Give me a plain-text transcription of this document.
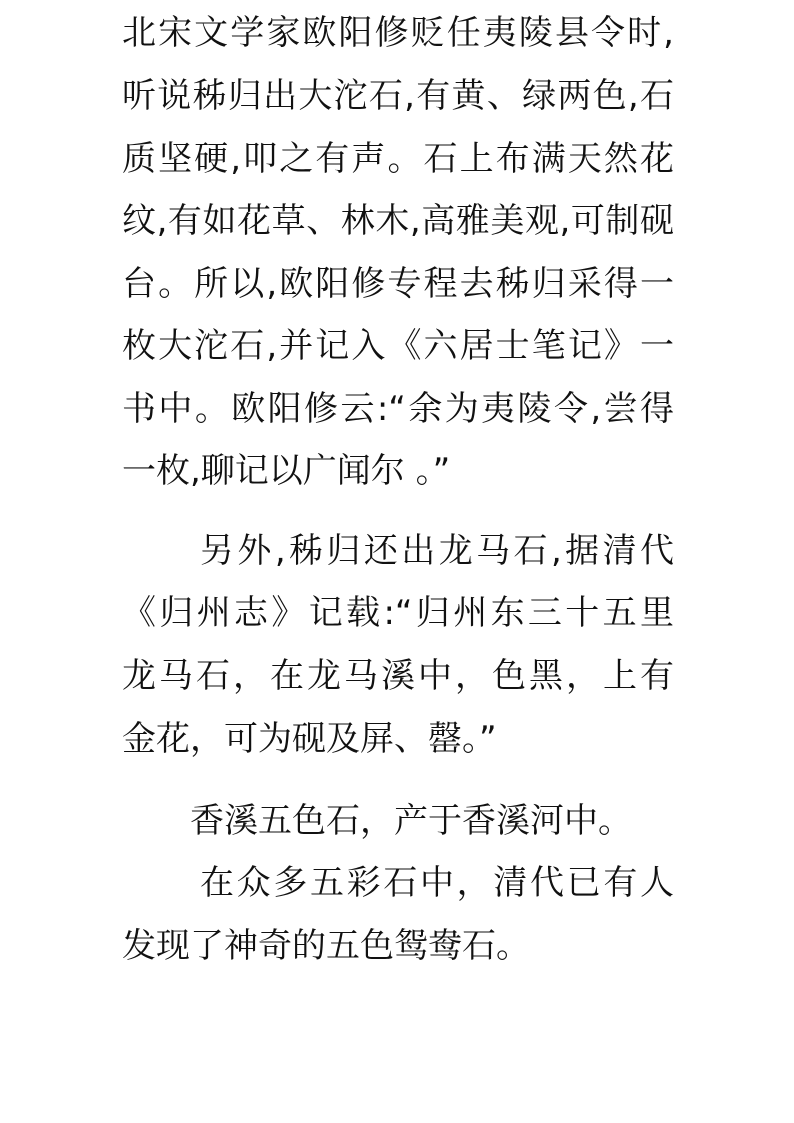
北宋文学家欧阳修贬任夷陵县令时,
听说秭归出大沱石,有黄、绿两色,石
质坚硬,叩之有声。石上布满天然花
纹,有如花草、林木,高雅美观,可制砚
台。所以,欧阳修专程去秭归采得一
枚大沱石,并记入《六居士笔记》一
书中。欧阳修云:“余为夷陵令,尝得
一枚,聊记以广闻尔 。”
另外,秭归还出龙马石,据清代
《归州志》记载:“归州东三十五里
龙马石，在龙马溪中，色黑，上有
金花，可为砚及屏、罄。”
香溪五色石，产于香溪河中。
在众多五彩石中，清代已有人
发现了神奇的五色鸳鸯石。
